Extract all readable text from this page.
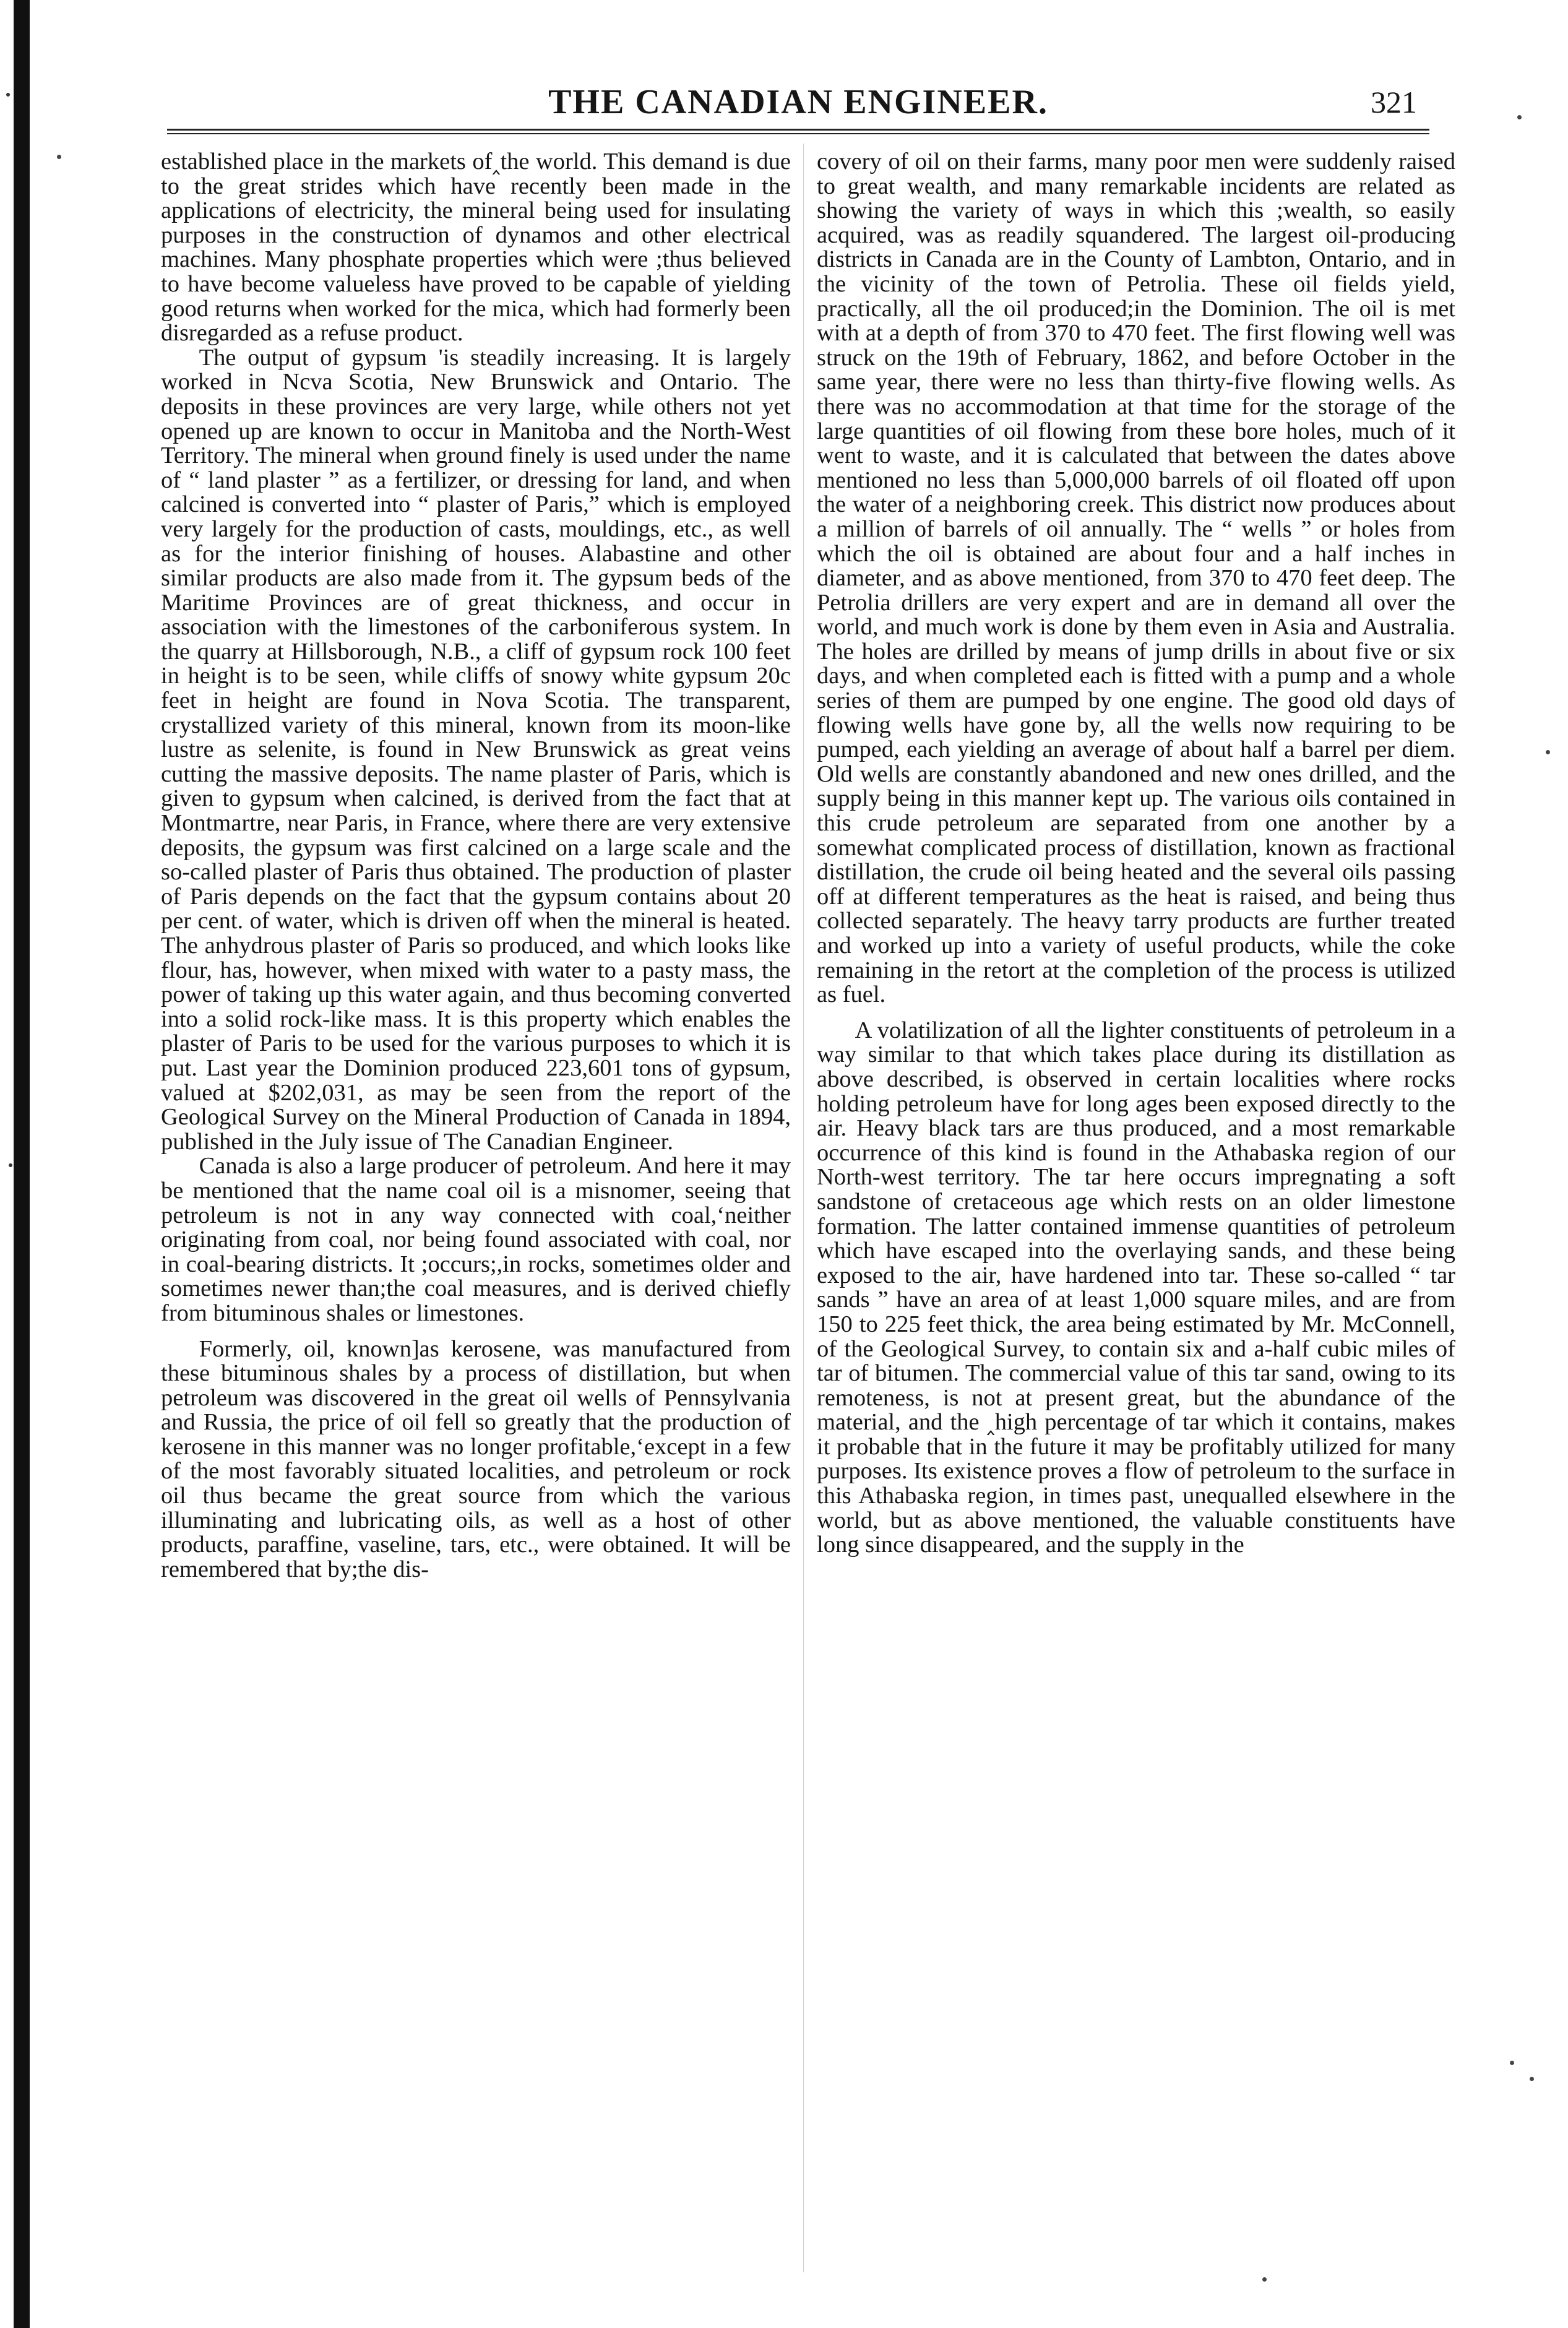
THE CANADIAN ENGINEER.	321

established place in the markets of‸the world. This demand is due to the great strides which have recently been made in the applications of electricity, the mineral being used for insulating purposes in the construction of dynamos and other electrical machines. Many phosphate properties which were ;thus believed to have become valueless have proved to be capable of yielding good returns when worked for the mica, which had formerly been disregarded as a refuse product.

The output of gypsum 'is steadily increasing. It is largely worked in Ncva Scotia, New Brunswick and Ontario. The deposits in these provinces are very large, while others not yet opened up are known to occur in Manitoba and the North-West Territory. The mineral when ground finely is used under the name of “ land plaster ” as a fertilizer, or dressing for land, and when calcined is converted into “ plaster of Paris,” which is employed very largely for the production of casts, mouldings, etc., as well as for the interior finishing of houses. Alabastine and other similar products are also made from it. The gypsum beds of the Maritime Provinces are of great thickness, and occur in association with the limestones of the carboniferous system. In the quarry at Hillsborough, N.B., a cliff of gypsum rock 100 feet in height is to be seen, while cliffs of snowy white gypsum 20c feet in height are found in Nova Scotia. The transparent, crystallized variety of this mineral, known from its moon-like lustre as selenite, is found in New Brunswick as great veins cutting the massive deposits. The name plaster of Paris, which is given to gypsum when calcined, is derived from the fact that at Montmartre, near Paris, in France, where there are very extensive deposits, the gypsum was first calcined on a large scale and the so-called plaster of Paris thus obtained. The production of plaster of Paris depends on the fact that the gypsum contains about 20 per cent. of water, which is driven off when the mineral is heated. The anhydrous plaster of Paris so produced, and which looks like flour, has, however, when mixed with water to a pasty mass, the power of taking up this water again, and thus becoming converted into a solid rock-like mass. It is this property which enables the plaster of Paris to be used for the various purposes to which it is put. Last year the Dominion produced 223,601 tons of gypsum, valued at $202,031, as may be seen from the report of the Geological Survey on the Mineral Production of Canada in 1894, published in the July issue of The Canadian Engineer.

Canada is also a large producer of petroleum. And here it may be mentioned that the name coal oil is a misnomer, seeing that petroleum is not in any way connected with coal,‘neither originating from coal, nor being found associated with coal, nor in coal-bearing districts. It ;occurs;,in rocks, sometimes older and sometimes newer than;the coal measures, and is derived chiefly from bituminous shales or limestones.

Formerly, oil, known]as kerosene, was manufactured from these bituminous shales by a process of distillation, but when petroleum was discovered in the great oil wells of Pennsylvania and Russia, the price of oil fell so greatly that the production of kerosene in this manner was no longer profitable,‘except in a few of the most favorably situated localities, and petroleum or rock oil thus became the great source from which the various illuminating and lubricating oils, as well as a host of other products, paraffine, vaseline, tars, etc., were obtained. It will be remembered that by;the dis-

covery of oil on their farms, many poor men were suddenly raised to great wealth, and many remarkable incidents are related as showing the variety of ways in which this ;wealth, so easily acquired, was as readily squandered. The largest oil-producing districts in Canada are in the County of Lambton, Ontario, and in the vicinity of the town of Petrolia. These oil fields yield, practically, all the oil produced;in the Dominion. The oil is met with at a depth of from 370 to 470 feet. The first flowing well was struck on the 19th of February, 1862, and before October in the same year, there were no less than thirty-five flowing wells. As there was no accommodation at that time for the storage of the large quantities of oil flowing from these bore holes, much of it went to waste, and it is calculated that between the dates above mentioned no less than 5,000,000 barrels of oil floated off upon the water of a neighboring creek. This district now produces about a million of barrels of oil annually. The “ wells ” or holes from which the oil is obtained are about four and a half inches in diameter, and as above mentioned, from 370 to 470 feet deep. The Petrolia drillers are very expert and are in demand all over the world, and much work is done by them even in Asia and Australia. The holes are drilled by means of jump drills in about five or six days, and when completed each is fitted with a pump and a whole series of them are pumped by one engine. The good old days of flowing wells have gone by, all the wells now requiring to be pumped, each yielding an average of about half a barrel per diem. Old wells are constantly abandoned and new ones drilled, and the supply being in this manner kept up. The various oils contained in this crude petroleum are separated from one another by a somewhat complicated process of distillation, known as fractional distillation, the crude oil being heated and the several oils passing off at different temperatures as the heat is raised, and being thus collected separately. The heavy tarry products are further treated and worked up into a variety of useful products, while the coke remaining in the retort at the completion of the process is utilized as fuel.

A volatilization of all the lighter constituents of petroleum in a way similar to that which takes place during its distillation as above described, is observed in certain localities where rocks holding petroleum have for long ages been exposed directly to the air. Heavy black tars are thus produced, and a most remarkable occurrence of this kind is found in the Athabaska region of our North-west territory. The tar here occurs impregnating a soft sandstone of cretaceous age which rests on an older limestone formation. The latter contained immense quantities of petroleum which have escaped into the overlaying sands, and these being exposed to the air, have hardened into tar. These so-called “ tar sands ” have an area of at least 1,000 square miles, and are from 150 to 225 feet thick, the area being estimated by Mr. McConnell, of the Geological Survey, to contain six and a-half cubic miles of tar of bitumen. The commercial value of this tar sand, owing to its remoteness, is not at present great, but the abundance of the material, and the ‸high percentage of tar which it contains, makes it probable that in the future it may be profitably utilized for many purposes. Its existence proves a flow of petroleum to the surface in this Athabaska region, in times past, unequalled elsewhere in the world, but as above mentioned, the valuable constituents have long since disappeared, and the supply in the
